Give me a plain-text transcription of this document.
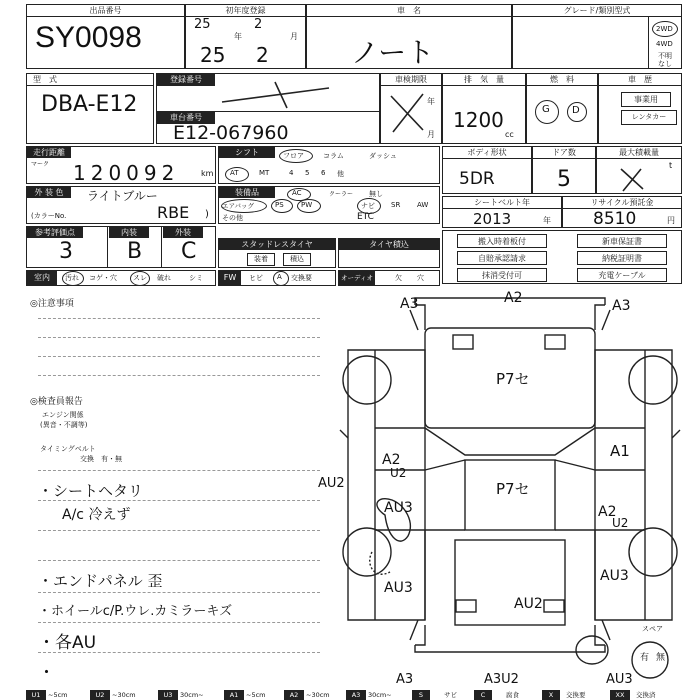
出品番号
SY0098
初年度登録
25	2
25
年
2
月
車　名
ノート
グレード/類別型式
2WD
4WD
不明
なし
型　式
DBA-E12
登録番号
車台番号
E12-067960
車検期限
年
月
排　気　量
1200
cc
燃　料
G D
車　歴
事業用
レンタカー
走行距離
マーク 120092	km
シフト	フロア	コラム	ダッシュ
AT	MT	4 5 6 他
ボディ形状
5DR
ドア数
5
最大積載量
t
外 装 色	ライトブルー
(カラーNo.	RBE )
装備品	AC	クーラー 無し
エアバッグ	PS PW	ナビ SR AW
その他	ETC
シートベルト年
2013	年
リサイクル預託金
8510	円
参考評価点	内装	外装
3 B C	スタッドレスタイヤ
装着	積込
タイヤ積込	搬入時着板付	新車保証書
自賠承認請求	納税証明書
抹消受付可	充電ケーブル
室内	汚れ コゲ・穴 スレ 破れ	シミ	FW	ヒビ A 交換要	オーディオ	欠 穴
◎注意事項
◎検査員報告
エンジン関係
(異音・不調等)
タイミングベルト
交換　有・無
・シートヘタリ
A/c 冷えず
・エンドパネル 歪
・ホイールc/P.ウレ.カミラーキズ
・各AU
・
A3	A2	A3
P7セ
P7セ
A2
U2
AU2
AU3
AU3
A1
A2
U2
AU3
AU2
A3	A3U2	AU3
スペア
有 無
U1	~5cm	U2	~30cm	U3	30cm~	A1	~5cm	A2	~30cm	A3	30cm~	S	サビ	C	腐食	X	交換要	XX	交換済
